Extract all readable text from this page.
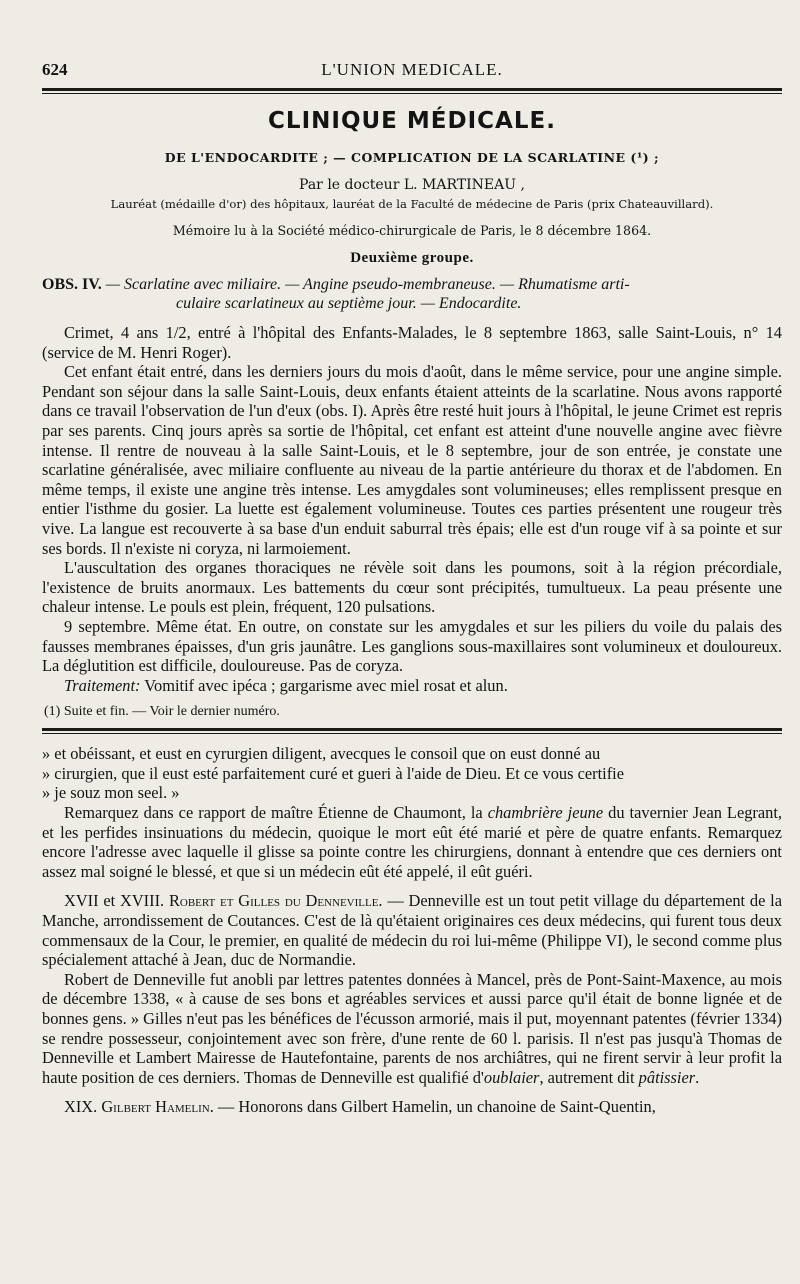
624	L'UNION MEDICALE.
CLINIQUE MÉDICALE.
DE L'ENDOCARDITE ; — COMPLICATION DE LA SCARLATINE (¹) ;
Par le docteur L. MARTINEAU ,
Lauréat (médaille d'or) des hôpitaux, lauréat de la Faculté de médecine de Paris (prix Chateauvillard).
Mémoire lu à la Société médico-chirurgicale de Paris, le 8 décembre 1864.
Deuxième groupe.
OBS. IV. — Scarlatine avec miliaire. — Angine pseudo-membraneuse. — Rhumatisme arti-
culaire scarlatineux au septième jour. — Endocardite.

Crimet, 4 ans 1/2, entré à l'hôpital des Enfants-Malades, le 8 septembre 1863, salle Saint-Louis, n° 14 (service de M. Henri Roger).

Cet enfant était entré, dans les derniers jours du mois d'août, dans le même service, pour une angine simple. Pendant son séjour dans la salle Saint-Louis, deux enfants étaient atteints de la scarlatine. Nous avons rapporté dans ce travail l'observation de l'un d'eux (obs. I). Après être resté huit jours à l'hôpital, le jeune Crimet est repris par ses parents. Cinq jours après sa sortie de l'hôpital, cet enfant est atteint d'une nouvelle angine avec fièvre intense. Il rentre de nouveau à la salle Saint-Louis, et le 8 septembre, jour de son entrée, je constate une scarlatine généralisée, avec miliaire confluente au niveau de la partie antérieure du thorax et de l'abdomen. En même temps, il existe une angine très intense. Les amygdales sont volumineuses; elles remplissent presque en entier l'isthme du gosier. La luette est également volumineuse. Toutes ces parties présentent une rougeur très vive. La langue est recouverte à sa base d'un enduit saburral très épais; elle est d'un rouge vif à sa pointe et sur ses bords. Il n'existe ni coryza, ni larmoiement.

L'auscultation des organes thoraciques ne révèle soit dans les poumons, soit à la région précordiale, l'existence de bruits anormaux. Les battements du cœur sont précipités, tumultueux. La peau présente une chaleur intense. Le pouls est plein, fréquent, 120 pulsations.

9 septembre. Même état. En outre, on constate sur les amygdales et sur les piliers du voile du palais des fausses membranes épaisses, d'un gris jaunâtre. Les ganglions sous-maxillaires sont volumineux et douloureux. La déglutition est difficile, douloureuse. Pas de coryza.

Traitement: Vomitif avec ipéca ; gargarisme avec miel rosat et alun.

(1) Suite et fin. — Voir le dernier numéro.
» et obéissant, et eust en cyrurgien diligent, avecques le consoil que on eust donné au
» cirurgien, que il eust esté parfaitement curé et gueri à l'aide de Dieu. Et ce vous certifie
» je souz mon seel. »

Remarquez dans ce rapport de maître Étienne de Chaumont, la chambrière jeune du tavernier Jean Legrant, et les perfides insinuations du médecin, quoique le mort eût été marié et père de quatre enfants. Remarquez encore l'adresse avec laquelle il glisse sa pointe contre les chirurgiens, donnant à entendre que ces derniers ont assez mal soigné le blessé, et que si un médecin eût été appelé, il eût guéri.

XVII et XVIII. Robert et Gilles du Denneville. — Denneville est un tout petit village du département de la Manche, arrondissement de Coutances. C'est de là qu'étaient originaires ces deux médecins, qui furent tous deux commensaux de la Cour, le premier, en qualité de médecin du roi lui-même (Philippe VI), le second comme plus spécialement attaché à Jean, duc de Normandie.

Robert de Denneville fut anobli par lettres patentes données à Mancel, près de Pont-Saint-Maxence, au mois de décembre 1338, « à cause de ses bons et agréables services et aussi parce qu'il était de bonne lignée et de bonnes gens. » Gilles n'eut pas les bénéfices de l'écusson armorié, mais il put, moyennant patentes (février 1334) se rendre possesseur, conjointement avec son frère, d'une rente de 60 l. parisis. Il n'est pas jusqu'à Thomas de Denneville et Lambert Mairesse de Hautefontaine, parents de nos archiâtres, qui ne firent servir à leur profit la haute position de ces derniers. Thomas de Denneville est qualifié d'oublaier, autrement dit pâtissier.

XIX. Gilbert Hamelin. — Honorons dans Gilbert Hamelin, un chanoine de Saint-Quentin,
